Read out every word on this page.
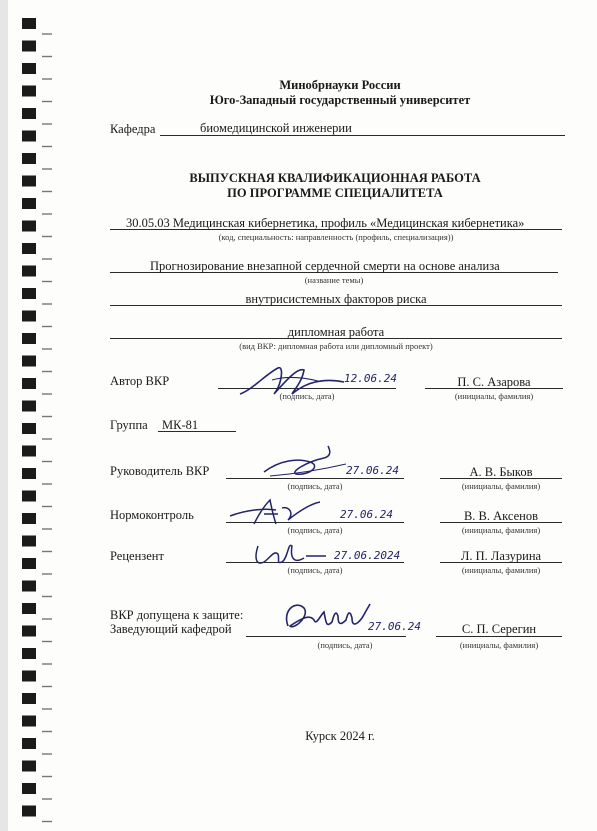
Минобрнауки России
Юго-Западный государственный университет
Кафедра	биомедицинской инженерии
ВЫПУСКНАЯ КВАЛИФИКАЦИОННАЯ РАБОТА
ПО ПРОГРАММЕ СПЕЦИАЛИТЕТА
30.05.03 Медицинская кибернетика, профиль «Медицинская кибернетика»
(код, специальность: направленность (профиль, специализация))
Прогнозирование внезапной сердечной смерти на основе анализа
(название темы)
внутрисистемных факторов риска
дипломная работа
(вид ВКР: дипломная работа или дипломный проект)
Автор ВКР	12.06.24
(подпись, дата)
П. С. Азарова
(инициалы, фамилия)
Группа МК-81
Руководитель ВКР	27.06.24
(подпись, дата)
А. В. Быков
(инициалы, фамилия)
Нормоконтроль	27.06.24
(подпись, дата)
В. В. Аксенов
(инициалы, фамилия)
Рецензент	27.06.2024
(подпись, дата)
Л. П. Лазурина
(инициалы, фамилия)
ВКР допущена к защите:
Заведующий кафедрой	27.06.24
(подпись, дата)
С. П. Серегин
(инициалы, фамилия)
Курск 2024 г.
